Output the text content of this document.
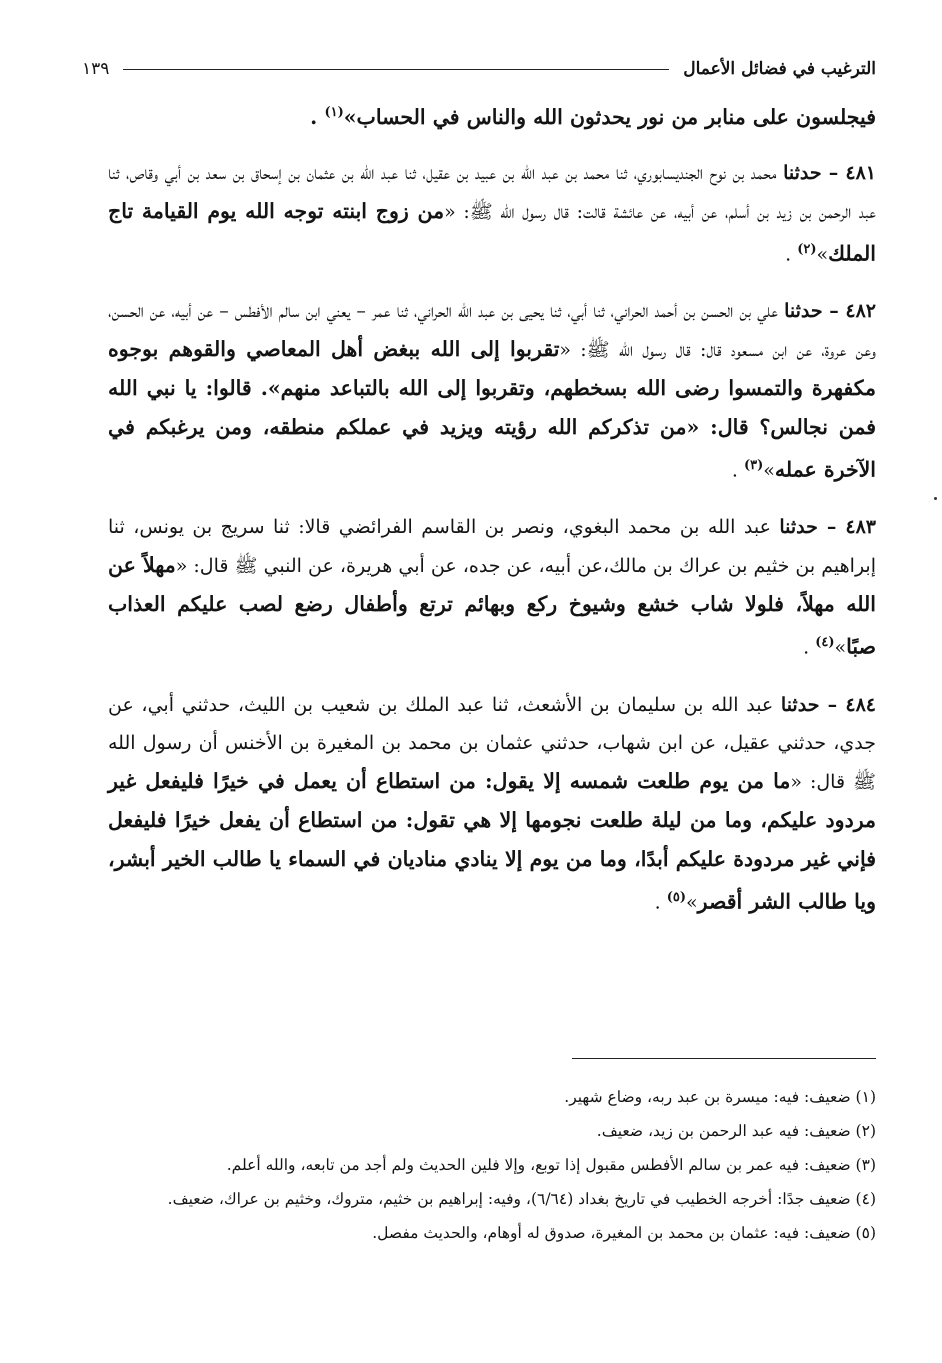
الترغيب في فضائل الأعمال
١٣٩

فيجلسون على منابر من نور يحدثون الله والناس في الحساب»$^{(١)}$ .

٤٨١ – حدثنا محمد بن نوح الجنديسابوري، ثنا محمد بن عبد الله بن عبيد بن عقيل، ثنا عبد الله بن عثمان بن إسحاق بن سعد بن أبي وقاص، ثنا عبد الرحمن بن زيد بن أسلم، عن أبيه، عن عائشة قالت: قال رسول الله ﷺ: «من زوج ابنته توجه الله يوم القيامة تاج الملك»$^{(٢)}$ .

٤٨٢ – حدثنا علي بن الحسن بن أحمد الحراني، ثنا أبي، ثنا يحيى بن عبد الله الحراني، ثنا عمر – يعني ابن سالم الأفطس – عن أبيه، عن الحسن، وعن عروة، عن ابن مسعود قال: قال رسول الله ﷺ: «تقربوا إلى الله ببغض أهل المعاصي والقوهم بوجوه مكفهرة والتمسوا رضى الله بسخطهم، وتقربوا إلى الله بالتباعد منهم». قالوا: يا نبي الله فمن نجالس؟ قال: «من تذكركم الله رؤيته ويزيد في عملكم منطقه، ومن يرغبكم في الآخرة عمله»$^{(٣)}$ .

٤٨٣ – حدثنا عبد الله بن محمد البغوي، ونصر بن القاسم الفرائضي قالا: ثنا سريج بن يونس، ثنا إبراهيم بن خثيم بن عراك بن مالك،عن أبيه، عن جده، عن أبي هريرة، عن النبي ﷺ قال: «مهلاً عن الله مهلاً، فلولا شاب خشع وشيوخ ركع وبهائم ترتع وأطفال رضع لصب عليكم العذاب صبًا»$^{(٤)}$ .

٤٨٤ – حدثنا عبد الله بن سليمان بن الأشعث، ثنا عبد الملك بن شعيب بن الليث، حدثني أبي، عن جدي، حدثني عقيل، عن ابن شهاب، حدثني عثمان بن محمد بن المغيرة بن الأخنس أن رسول الله ﷺ قال: «ما من يوم طلعت شمسه إلا يقول: من استطاع أن يعمل في خيرًا فليفعل غير مردود عليكم، وما من ليلة طلعت نجومها إلا هي تقول: من استطاع أن يفعل خيرًا فليفعل فإني غير مردودة عليكم أبدًا، وما من يوم إلا ينادي مناديان في السماء يا طالب الخير أبشر، ويا طالب الشر أقصر»$^{(٥)}$ .

(١) ضعيف: فيه: ميسرة بن عبد ربه، وضاع شهير.

(٢) ضعيف: فيه عبد الرحمن بن زيد، ضعيف.

(٣) ضعيف: فيه عمر بن سالم الأفطس مقبول إذا توبع، وإلا فلين الحديث ولم أجد من تابعه، والله أعلم.

(٤) ضعيف جدًا: أخرجه الخطيب في تاريخ بغداد (٦/٦٤)، وفيه: إبراهيم بن خثيم، متروك، وخثيم بن عراك، ضعيف.

(٥) ضعيف: فيه: عثمان بن محمد بن المغيرة، صدوق له أوهام، والحديث مفصل.
